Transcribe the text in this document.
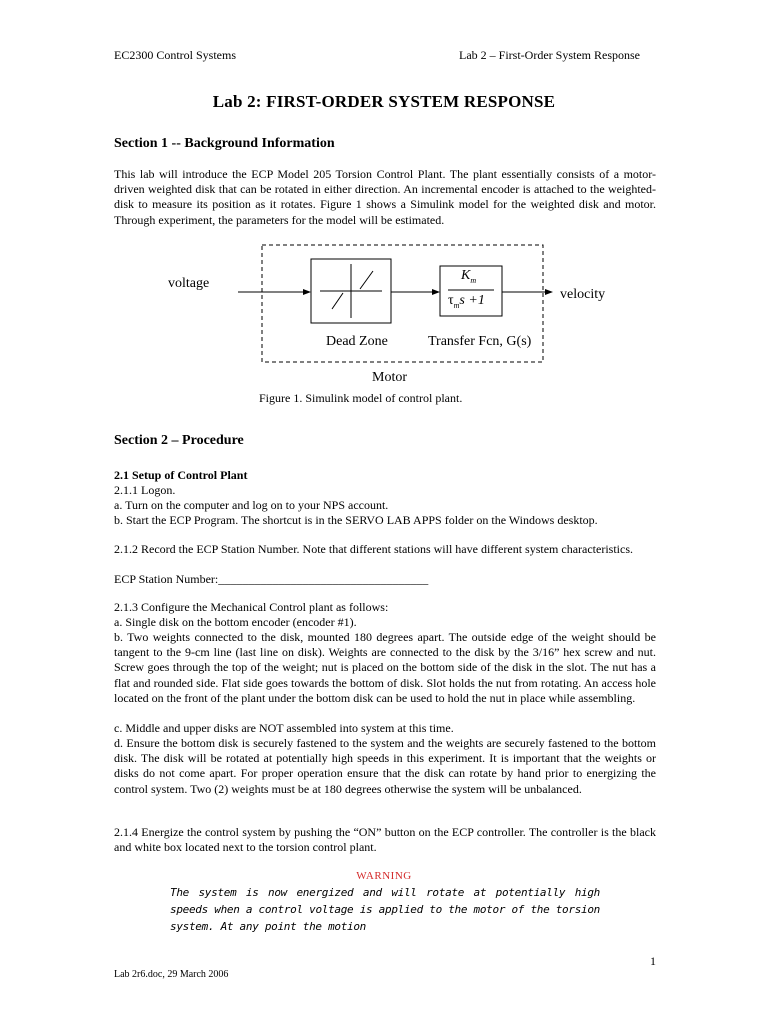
EC2300 Control Systems	Lab 2 – First-Order System Response
Lab 2: FIRST-ORDER SYSTEM RESPONSE
Section 1 -- Background Information
This lab will introduce the ECP Model 205 Torsion Control Plant. The plant essentially consists of a motor-driven weighted disk that can be rotated in either direction. An incremental encoder is attached to the weighted-disk to measure its position as it rotates. Figure 1 shows a Simulink model for the weighted disk and motor. Through experiment, the parameters for the model will be estimated.
voltage
velocity
Dead Zone	Transfer Fcn, G(s)
Motor
$K_m$
$\tau_ms +1$
Figure 1. Simulink model of control plant.
Section 2 – Procedure
2.1 Setup of Control Plant
2.1.1 Logon.
a. Turn on the computer and log on to your NPS account.
b. Start the ECP Program. The shortcut is in the SERVO LAB APPS folder on the Windows desktop.
2.1.2 Record the ECP Station Number. Note that different stations will have different system characteristics.
ECP Station Number:___________________________________
2.1.3 Configure the Mechanical Control plant as follows:
a. Single disk on the bottom encoder (encoder #1).
b. Two weights connected to the disk, mounted 180 degrees apart. The outside edge of the weight should be tangent to the 9-cm line (last line on disk). Weights are connected to the disk by the 3/16” hex screw and nut. Screw goes through the top of the weight; nut is placed on the bottom side of the disk in the slot. The nut has a flat and rounded side. Flat side goes towards the bottom of disk. Slot holds the nut from rotating. An access hole located on the front of the plant under the bottom disk can be used to hold the nut in place while assembling.
c. Middle and upper disks are NOT assembled into system at this time.
d. Ensure the bottom disk is securely fastened to the system and the weights are securely fastened to the bottom disk. The disk will be rotated at potentially high speeds in this experiment. It is important that the weights or disks do not come apart. For proper operation ensure that the disk can rotate by hand prior to energizing the control system. Two (2) weights must be at 180 degrees otherwise the system will be unbalanced.
2.1.4 Energize the control system by pushing the “ON” button on the ECP controller. The controller is the black and white box located next to the torsion control plant.
WARNING
The system is now energized and will rotate at potentially high speeds when a control voltage is applied to the motor of the torsion system. At any point the motion
1
Lab 2r6.doc, 29 March 2006
